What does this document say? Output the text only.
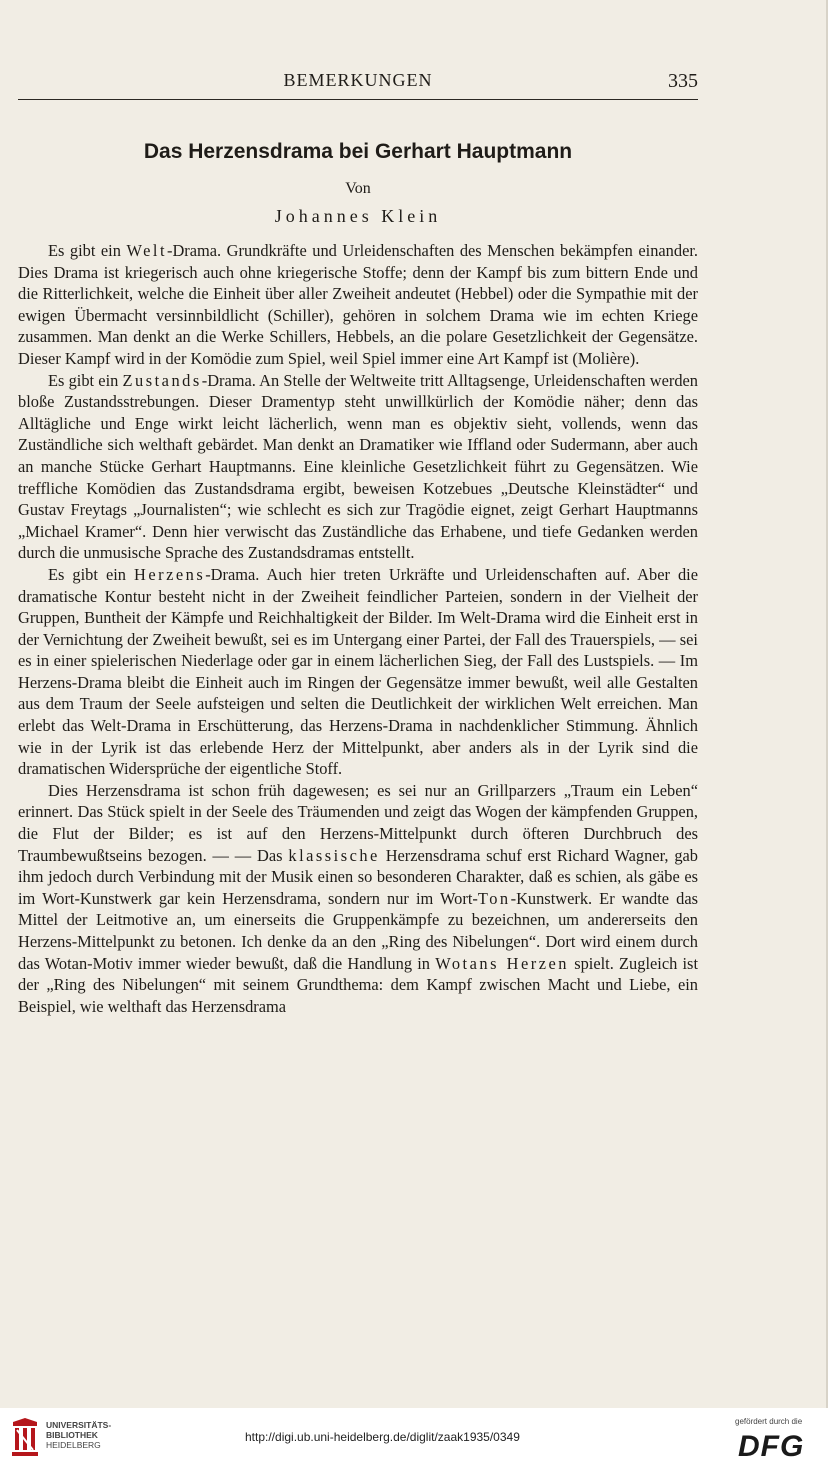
BEMERKUNGEN	335
Das Herzensdrama bei Gerhart Hauptmann
Von
Johannes Klein

Es gibt ein Welt-Drama. Grundkräfte und Urleidenschaften des Menschen bekämpfen einander. Dies Drama ist kriegerisch auch ohne kriegerische Stoffe; denn der Kampf bis zum bittern Ende und die Ritterlichkeit, welche die Einheit über aller Zweiheit andeutet (Hebbel) oder die Sympathie mit der ewigen Übermacht versinnbildlicht (Schiller), gehören in solchem Drama wie im echten Kriege zusammen. Man denkt an die Werke Schillers, Hebbels, an die polare Gesetzlichkeit der Gegensätze. Dieser Kampf wird in der Komödie zum Spiel, weil Spiel immer eine Art Kampf ist (Molière).

Es gibt ein Zustands-Drama. An Stelle der Weltweite tritt Alltagsenge, Urleidenschaften werden bloße Zustandsstrebungen. Dieser Dramentyp steht unwillkürlich der Komödie näher; denn das Alltägliche und Enge wirkt leicht lächerlich, wenn man es objektiv sieht, vollends, wenn das Zuständliche sich welthaft gebärdet. Man denkt an Dramatiker wie Iffland oder Sudermann, aber auch an manche Stücke Gerhart Hauptmanns. Eine kleinliche Gesetzlichkeit führt zu Gegensätzen. Wie treffliche Komödien das Zustandsdrama ergibt, beweisen Kotzebues „Deutsche Kleinstädter“ und Gustav Freytags „Journalisten“; wie schlecht es sich zur Tragödie eignet, zeigt Gerhart Hauptmanns „Michael Kramer“. Denn hier verwischt das Zuständliche das Erhabene, und tiefe Gedanken werden durch die unmusische Sprache des Zustandsdramas entstellt.

Es gibt ein Herzens-Drama. Auch hier treten Urkräfte und Urleidenschaften auf. Aber die dramatische Kontur besteht nicht in der Zweiheit feindlicher Parteien, sondern in der Vielheit der Gruppen, Buntheit der Kämpfe und Reichhaltigkeit der Bilder. Im Welt-Drama wird die Einheit erst in der Vernichtung der Zweiheit bewußt, sei es im Untergang einer Partei, der Fall des Trauerspiels, — sei es in einer spielerischen Niederlage oder gar in einem lächerlichen Sieg, der Fall des Lustspiels. — Im Herzens-Drama bleibt die Einheit auch im Ringen der Gegensätze immer bewußt, weil alle Gestalten aus dem Traum der Seele aufsteigen und selten die Deutlichkeit der wirklichen Welt erreichen. Man erlebt das Welt-Drama in Erschütterung, das Herzens-Drama in nachdenklicher Stimmung. Ähnlich wie in der Lyrik ist das erlebende Herz der Mittelpunkt, aber anders als in der Lyrik sind die dramatischen Widersprüche der eigentliche Stoff.

Dies Herzensdrama ist schon früh dagewesen; es sei nur an Grillparzers „Traum ein Leben“ erinnert. Das Stück spielt in der Seele des Träumenden und zeigt das Wogen der kämpfenden Gruppen, die Flut der Bilder; es ist auf den Herzens-Mittelpunkt durch öfteren Durchbruch des Traumbewußtseins bezogen. — — Das klassische Herzensdrama schuf erst Richard Wagner, gab ihm jedoch durch Verbindung mit der Musik einen so besonderen Charakter, daß es schien, als gäbe es im Wort-Kunstwerk gar kein Herzensdrama, sondern nur im Wort-Ton-Kunstwerk. Er wandte das Mittel der Leitmotive an, um einerseits die Gruppenkämpfe zu bezeichnen, um andererseits den Herzens-Mittelpunkt zu betonen. Ich denke da an den „Ring des Nibelungen“. Dort wird einem durch das Wotan-Motiv immer wieder bewußt, daß die Handlung in Wotans Herzen spielt. Zugleich ist der „Ring des Nibelungen“ mit seinem Grundthema: dem Kampf zwischen Macht und Liebe, ein Beispiel, wie welthaft das Herzensdrama

UNIVERSITÄTS-
BIBLIOTHEK
HEIDELBERG
http://digi.ub.uni-heidelberg.de/diglit/zaak1935/0349
gefördert durch die
DFG
